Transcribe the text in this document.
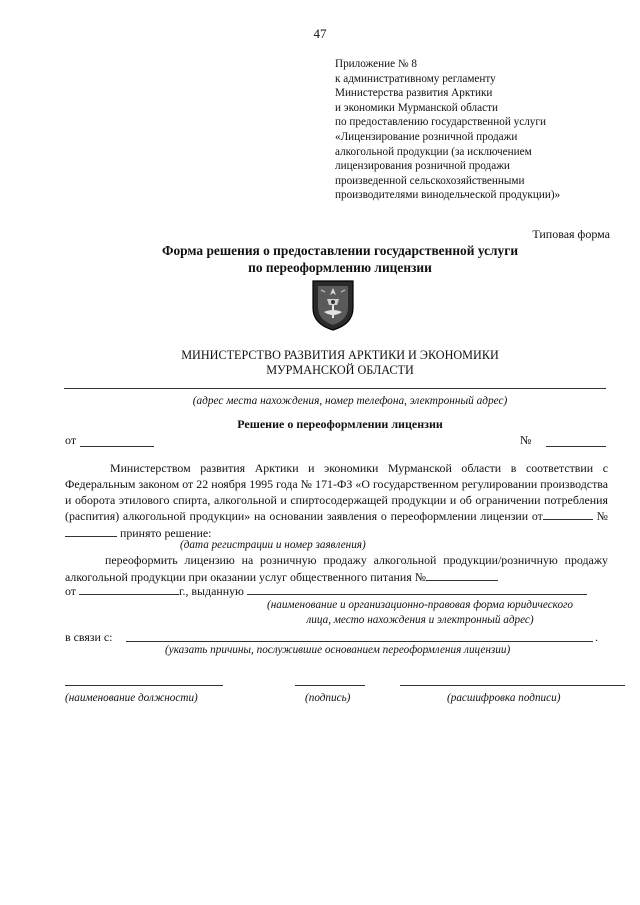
47
Приложение № 8
к административному регламенту
Министерства развития Арктики
и экономики Мурманской области
по предоставлению государственной услуги
«Лицензирование розничной продажи
алкогольной продукции (за исключением
лицензирования розничной продажи
произведенной сельскохозяйственными
производителями винодельческой продукции)»
Типовая форма
Форма решения о предоставлении государственной услуги
по переоформлению лицензии
МИНИСТЕРСТВО РАЗВИТИЯ АРКТИКИ И ЭКОНОМИКИ
МУРМАНСКОЙ ОБЛАСТИ
(адрес места нахождения, номер телефона, электронный адрес)
Решение о переоформлении лицензии
от	№
Министерством развития Арктики и экономики Мурманской области в соответствии с Федеральным законом от 22 ноября 1995 года № 171-ФЗ «О государственном регулировании производства и оборота этилового спирта, алкогольной и спиртосодержащей продукции и об ограничении потребления (распития) алкогольной продукции» на основании заявления о переоформлении лицензии от	№ принято решение:
(дата регистрации и номер заявления)
переоформить лицензию на розничную продажу алкогольной продукции/розничную продажу алкогольной продукции при оказании услуг общественного питания №
от	г., выданную
(наименование и организационно-правовая форма юридического
лица, место нахождения и электронный адрес)
в связи с:	.
(указать причины, послужившие основанием переоформления лицензии)
(наименование должности)	(подпись)	(расшифровка подписи)
